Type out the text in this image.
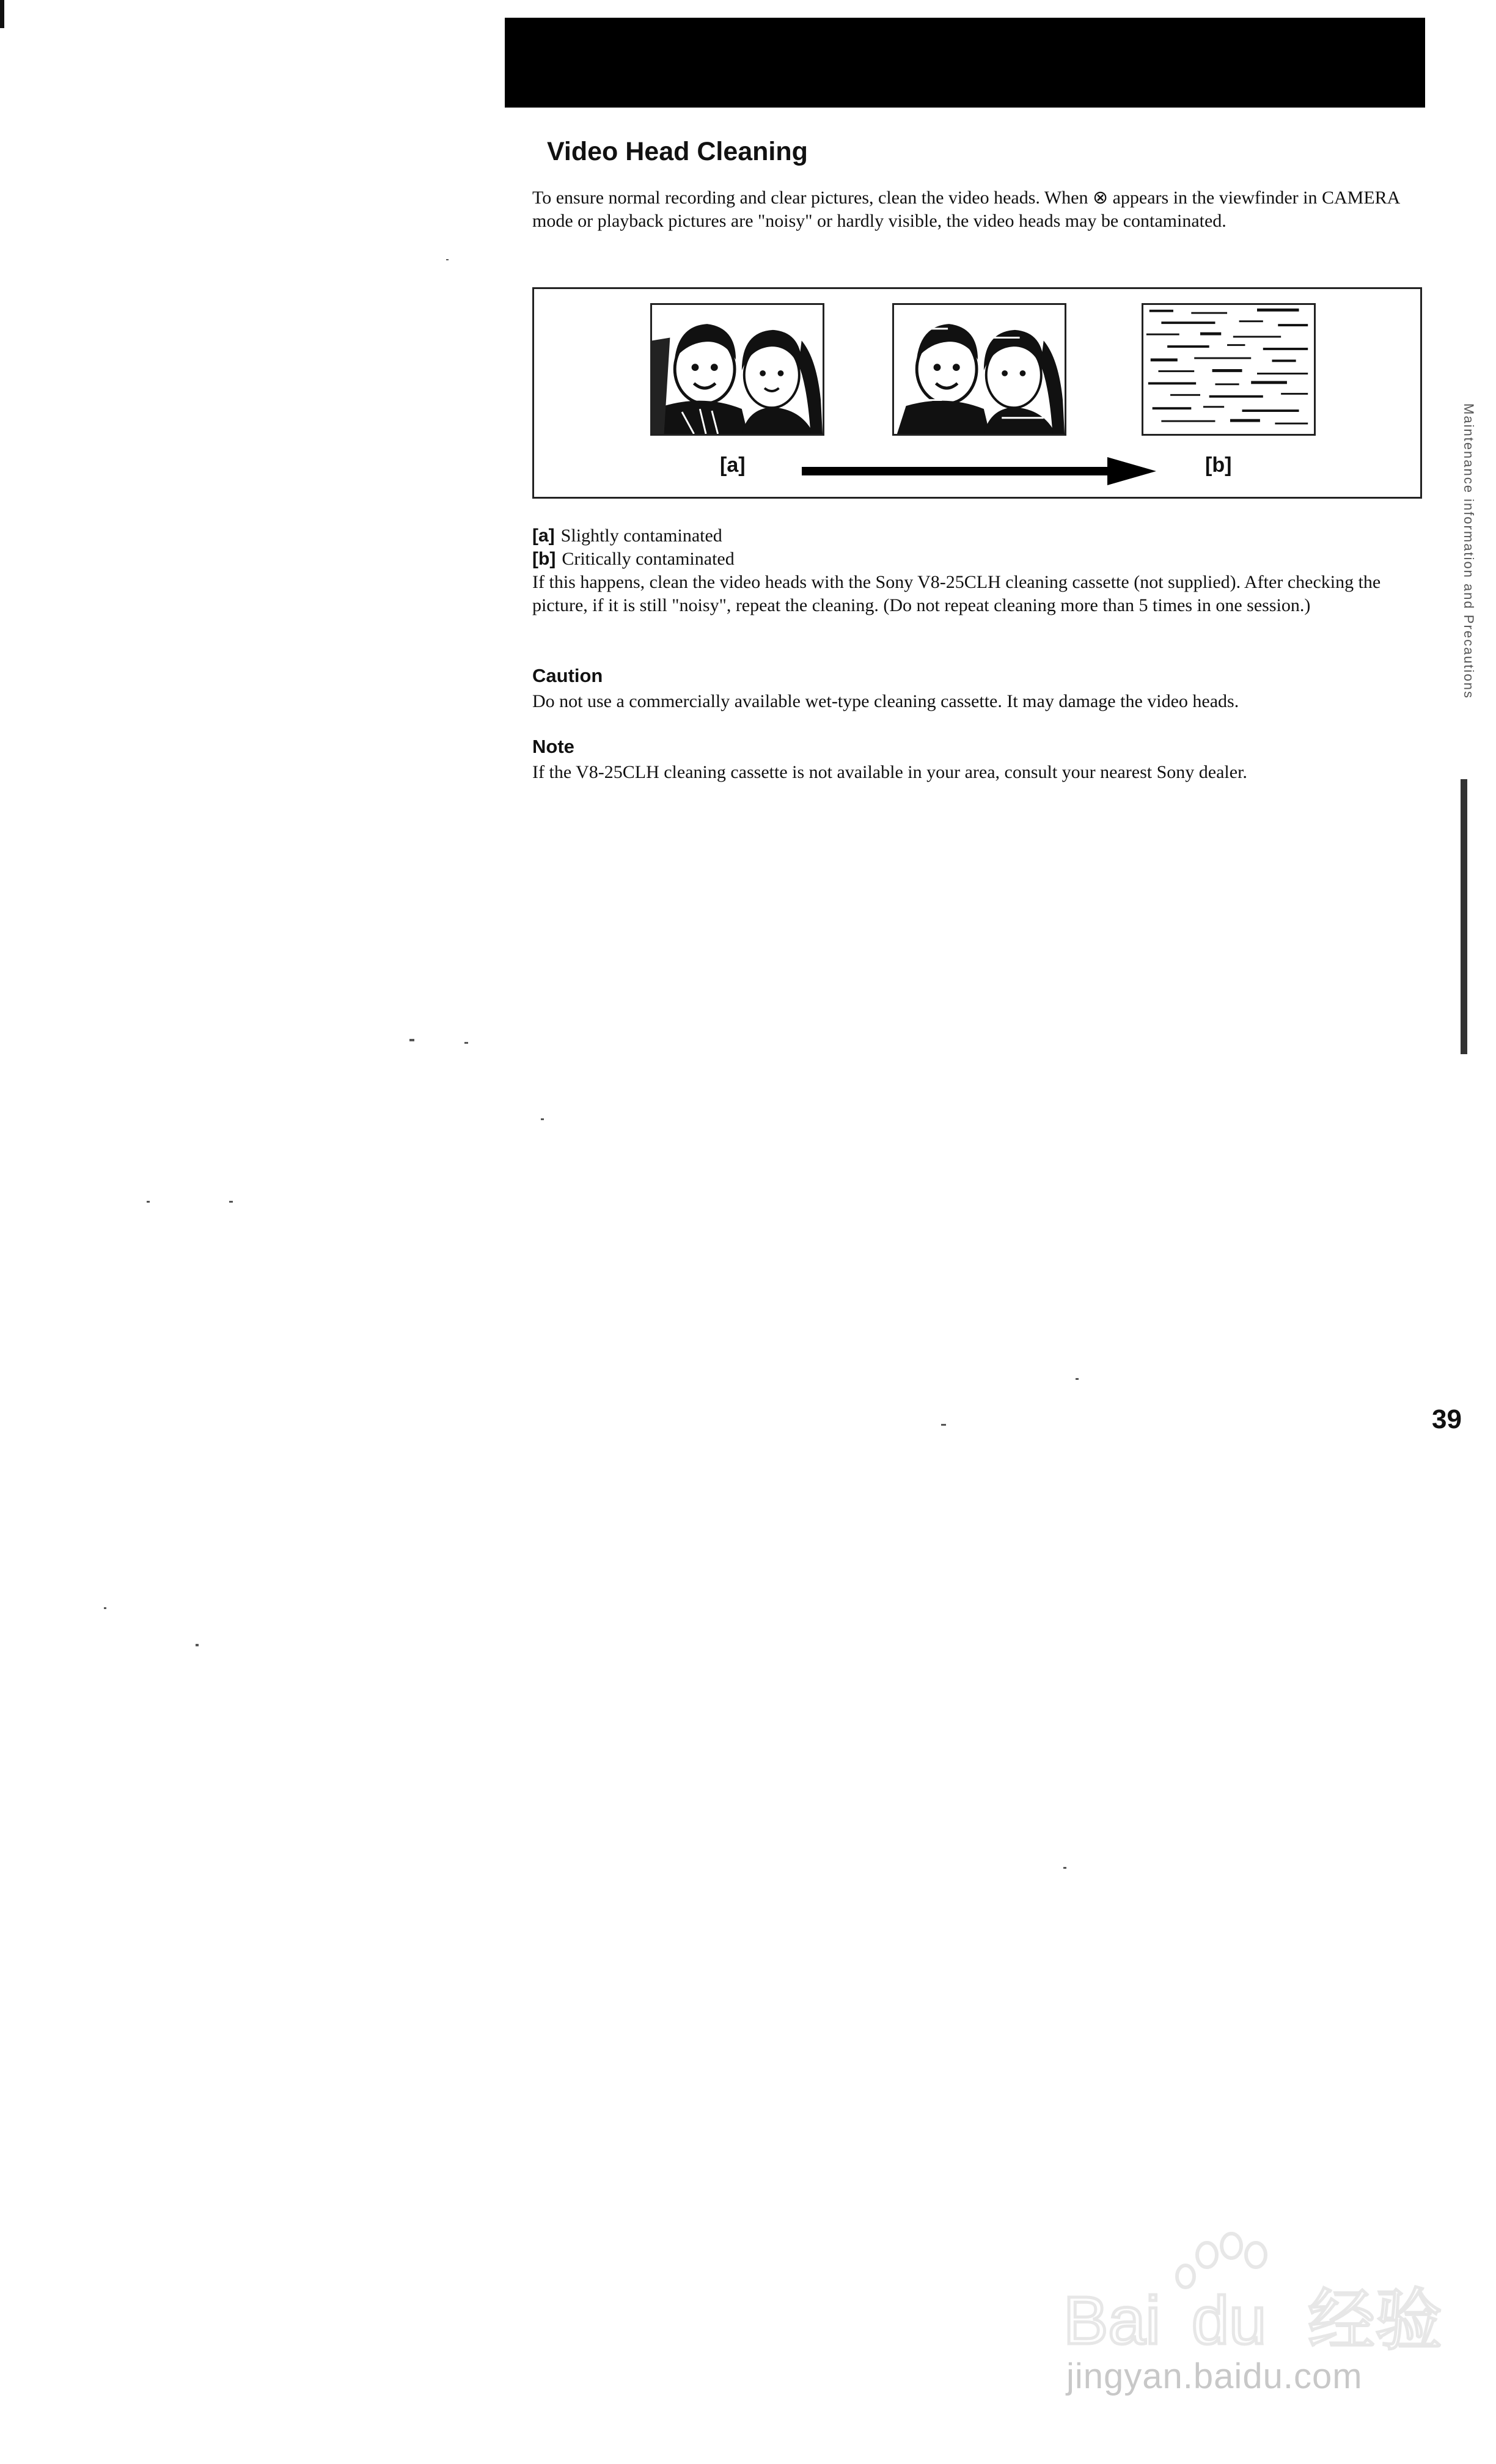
Video Head Cleaning
To ensure normal recording and clear pictures, clean the video heads. When ⊗ appears in the viewfinder in CAMERA mode or playback pictures are "noisy" or hardly visible, the video heads may be contaminated.
[a]	[b]
[a] Slightly contaminated
[b] Critically contaminated
If this happens, clean the video heads with the Sony V8-25CLH cleaning cassette (not supplied). After checking the picture, if it is still "noisy", repeat the cleaning. (Do not repeat cleaning more than 5 times in one session.)
Caution
Do not use a commercially available wet-type cleaning cassette. It may damage the video heads.
Note
If the V8-25CLH cleaning cassette is not available in your area, consult your nearest Sony dealer.
Maintenance information and Precautions
39
Bai du 经验
jingyan.baidu.com
